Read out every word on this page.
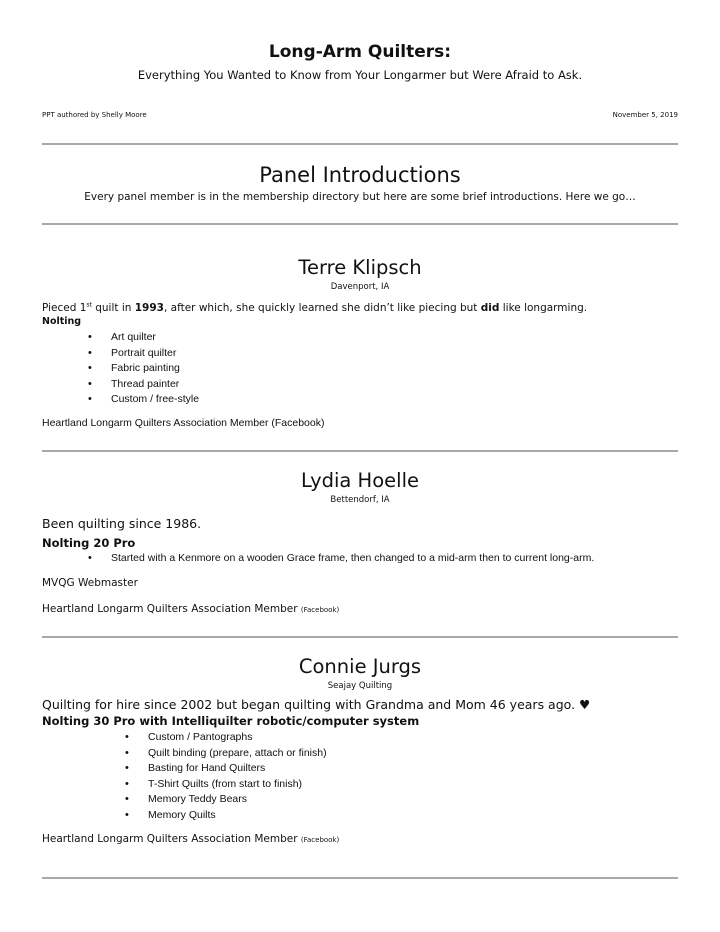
Long-Arm Quilters:
Everything You Wanted to Know from Your Longarmer but Were Afraid to Ask.
PPT authored by Shelly Moore	November 5, 2019
Panel Introductions
Every panel member is in the membership directory but here are some brief introductions. Here we go…
Terre Klipsch
Davenport, IA
Pieced 1st quilt in 1993, after which, she quickly learned she didn’t like piecing but did like longarming.
Nolting
• Art quilter
• Portrait quilter
• Fabric painting
• Thread painter
• Custom / free-style
Heartland Longarm Quilters Association Member (Facebook)
Lydia Hoelle
Bettendorf, IA
Been quilting since 1986.
Nolting 20 Pro
• Started with a Kenmore on a wooden Grace frame, then changed to a mid-arm then to current long-arm.
MVQG Webmaster
Heartland Longarm Quilters Association Member (Facebook)
Connie Jurgs
Seajay Quilting
Quilting for hire since 2002 but began quilting with Grandma and Mom 46 years ago. ♥
Nolting 30 Pro with Intelliquilter robotic/computer system
• Custom / Pantographs
• Quilt binding (prepare, attach or finish)
• Basting for Hand Quilters
• T-Shirt Quilts (from start to finish)
• Memory Teddy Bears
• Memory Quilts
Heartland Longarm Quilters Association Member (Facebook)
